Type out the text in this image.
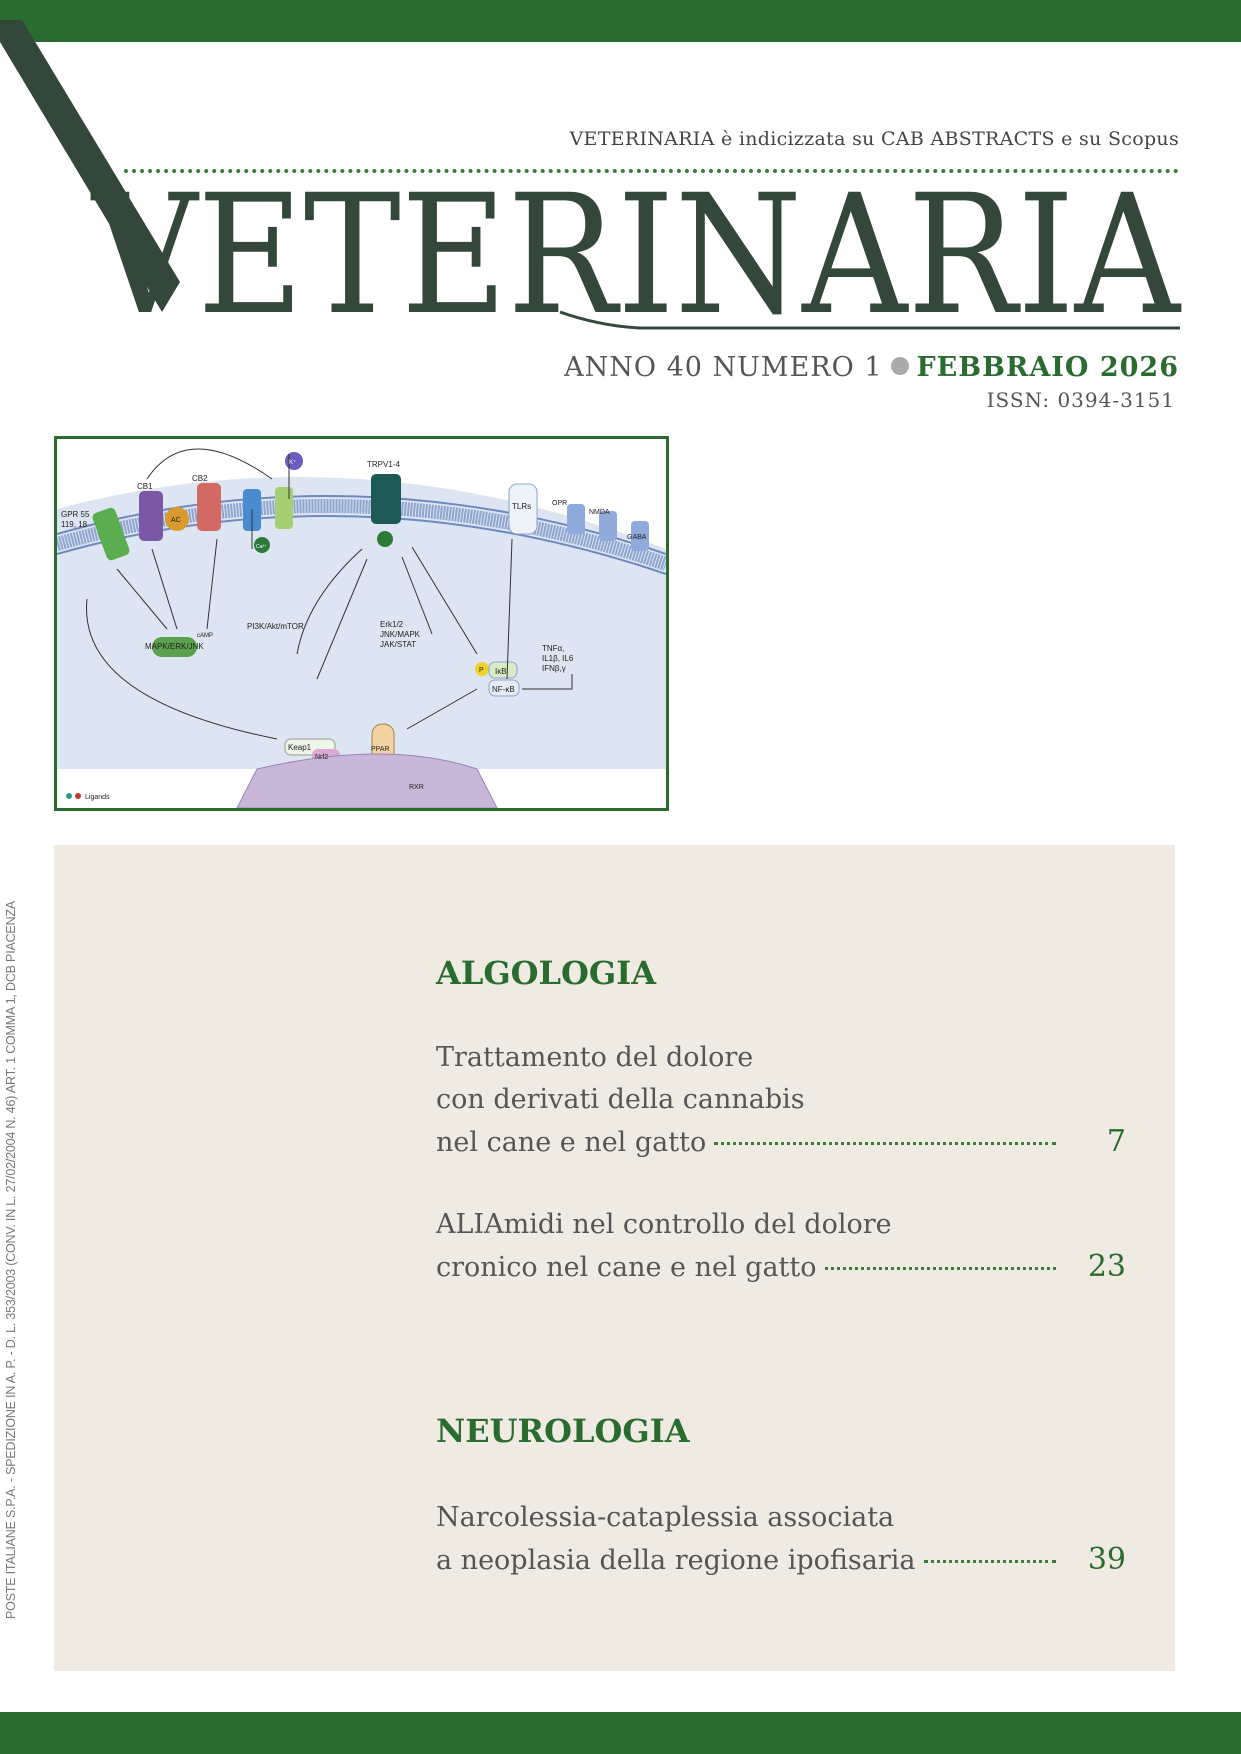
VETERINARIA
VETERINARIA è indicizzata su CAB ABSTRACTS e su Scopus
ANNO 40 NUMERO 1 FEBBRAIO 2026
ISSN: 0394-3151
GPR 55
119, 18
CB1
CB2
AC
cAMP
K⁺
Ca²⁺
TRPV1-4
TLRs	OPR
NMDA
GABA
MAPK/ERK/JNK
PI3K/Akt/mTOR	Erk1/2
JNK/MAPK
JAK/STAT
P IκB
NF-κB
TNFα,
IL1β, IL6
IFNβ,γ
Keap1
Nrf2
PPAR
RXR
Ligands
ALGOLOGIA
Trattamento del dolore
con derivati della cannabis
nel cane e nel gatto	7
ALIAmidi nel controllo del dolore
cronico nel cane e nel gatto	23
NEUROLOGIA
Narcolessia-cataplessia associata
a neoplasia della regione ipofisaria	39
POSTE ITALIANE S.P.A. - SPEDIZIONE IN A. P. - D. L. 353/2003 (CONV. IN L. 27/02/2004 N. 46) ART. 1 COMMA 1, DCB PIACENZA
